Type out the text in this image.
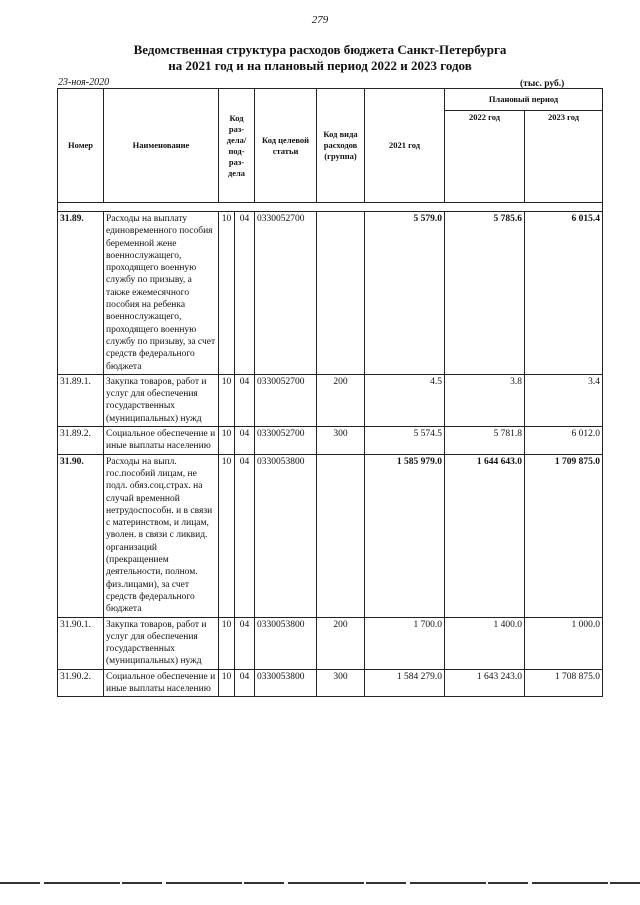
279
Ведомственная структура расходов бюджета Санкт-Петербурга
на 2021 год и на плановый период 2022 и 2023 годов
23-ноя-2020	(тыс. руб.)
Номер	Наименование	Код раз-дела/ под-раз-дела		Код целевой статьи	Код вида расходов (группа)	2021 год	Плановый период	
							2022 год	2023 год

31.89.	Расходы на выплату единовременного пособия беременной жене военнослужащего, проходящего военную службу по призыву, а также ежемесячного пособия на ребенка военнослужащего, проходящего военную службу по призыву, за счет средств федерального бюджета	10	04	0330052700		5 579.0	5 785.6	6 015.4
31.89.1.	Закупка товаров, работ и услуг для обеспечения государственных (муниципальных) нужд	10	04	0330052700	200	4.5	3.8	3.4
31.89.2.	Социальное обеспечение и иные выплаты населению	10	04	0330052700	300	5 574.5	5 781.8	6 012.0
31.90.	Расходы на выпл. гос.пособий лицам, не подл. обяз.соц.страх. на случай временной нетрудоспособн. и в связи с материнством, и лицам, уволен. в связи с ликвид. организаций (прекращением деятельности, полном. физ.лицами), за счет средств федерального бюджета	10	04	0330053800		1 585 979.0	1 644 643.0	1 709 875.0
31.90.1.	Закупка товаров, работ и услуг для обеспечения государственных (муниципальных) нужд	10	04	0330053800	200	1 700.0	1 400.0	1 000.0
31.90.2.	Социальное обеспечение и иные выплаты населению	10	04	0330053800	300	1 584 279.0	1 643 243.0	1 708 875.0
